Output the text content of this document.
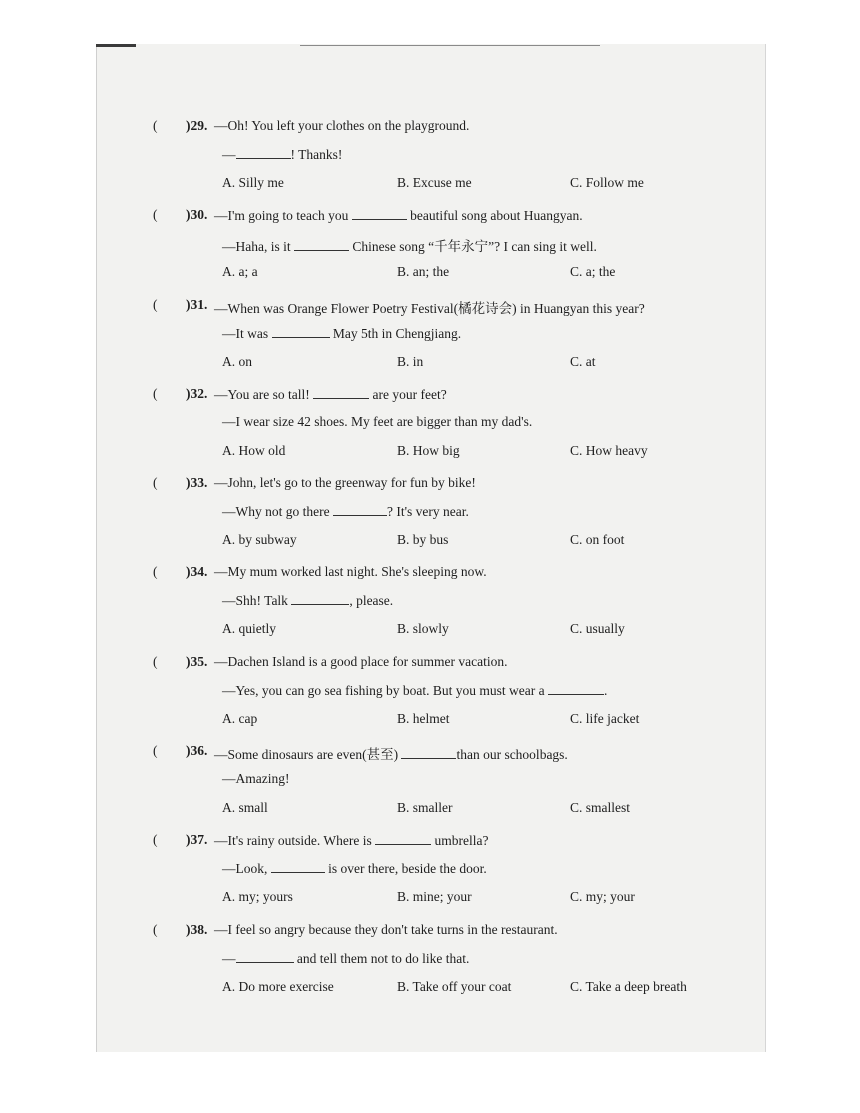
( )29. —Oh! You left your clothes on the playground.
—	! Thanks!
A. Silly me	B. Excuse me	C. Follow me
( )30. —I'm going to teach you	beautiful song about Huangyan.
—Haha, is it	Chinese song “千年永宁”? I can sing it well.
A. a; a	B. an; the	C. a; the
( )31. —When was Orange Flower Poetry Festival(橘花诗会) in Huangyan this year?
—It was	May 5th in Chengjiang.
A. on	B. in	C. at
( )32. —You are so tall!	are your feet?
—I wear size 42 shoes. My feet are bigger than my dad's.
A. How old	B. How big	C. How heavy
( )33. —John, let's go to the greenway for fun by bike!
—Why not go there	? It's very near.
A. by subway	B. by bus	C. on foot
( )34. —My mum worked last night. She's sleeping now.
—Shh! Talk	, please.
A. quietly	B. slowly	C. usually
( )35. —Dachen Island is a good place for summer vacation.
—Yes, you can go sea fishing by boat. But you must wear a	.
A. cap	B. helmet	C. life jacket
( )36. —Some dinosaurs are even(甚至)	than our schoolbags.
—Amazing!
A. small	B. smaller	C. smallest
( )37. —It's rainy outside. Where is	umbrella?
—Look,	is over there, beside the door.
A. my; yours	B. mine; your	C. my; your
( )38. —I feel so angry because they don't take turns in the restaurant.
—	and tell them not to do like that.
A. Do more exercise	B. Take off your coat	C. Take a deep breath
